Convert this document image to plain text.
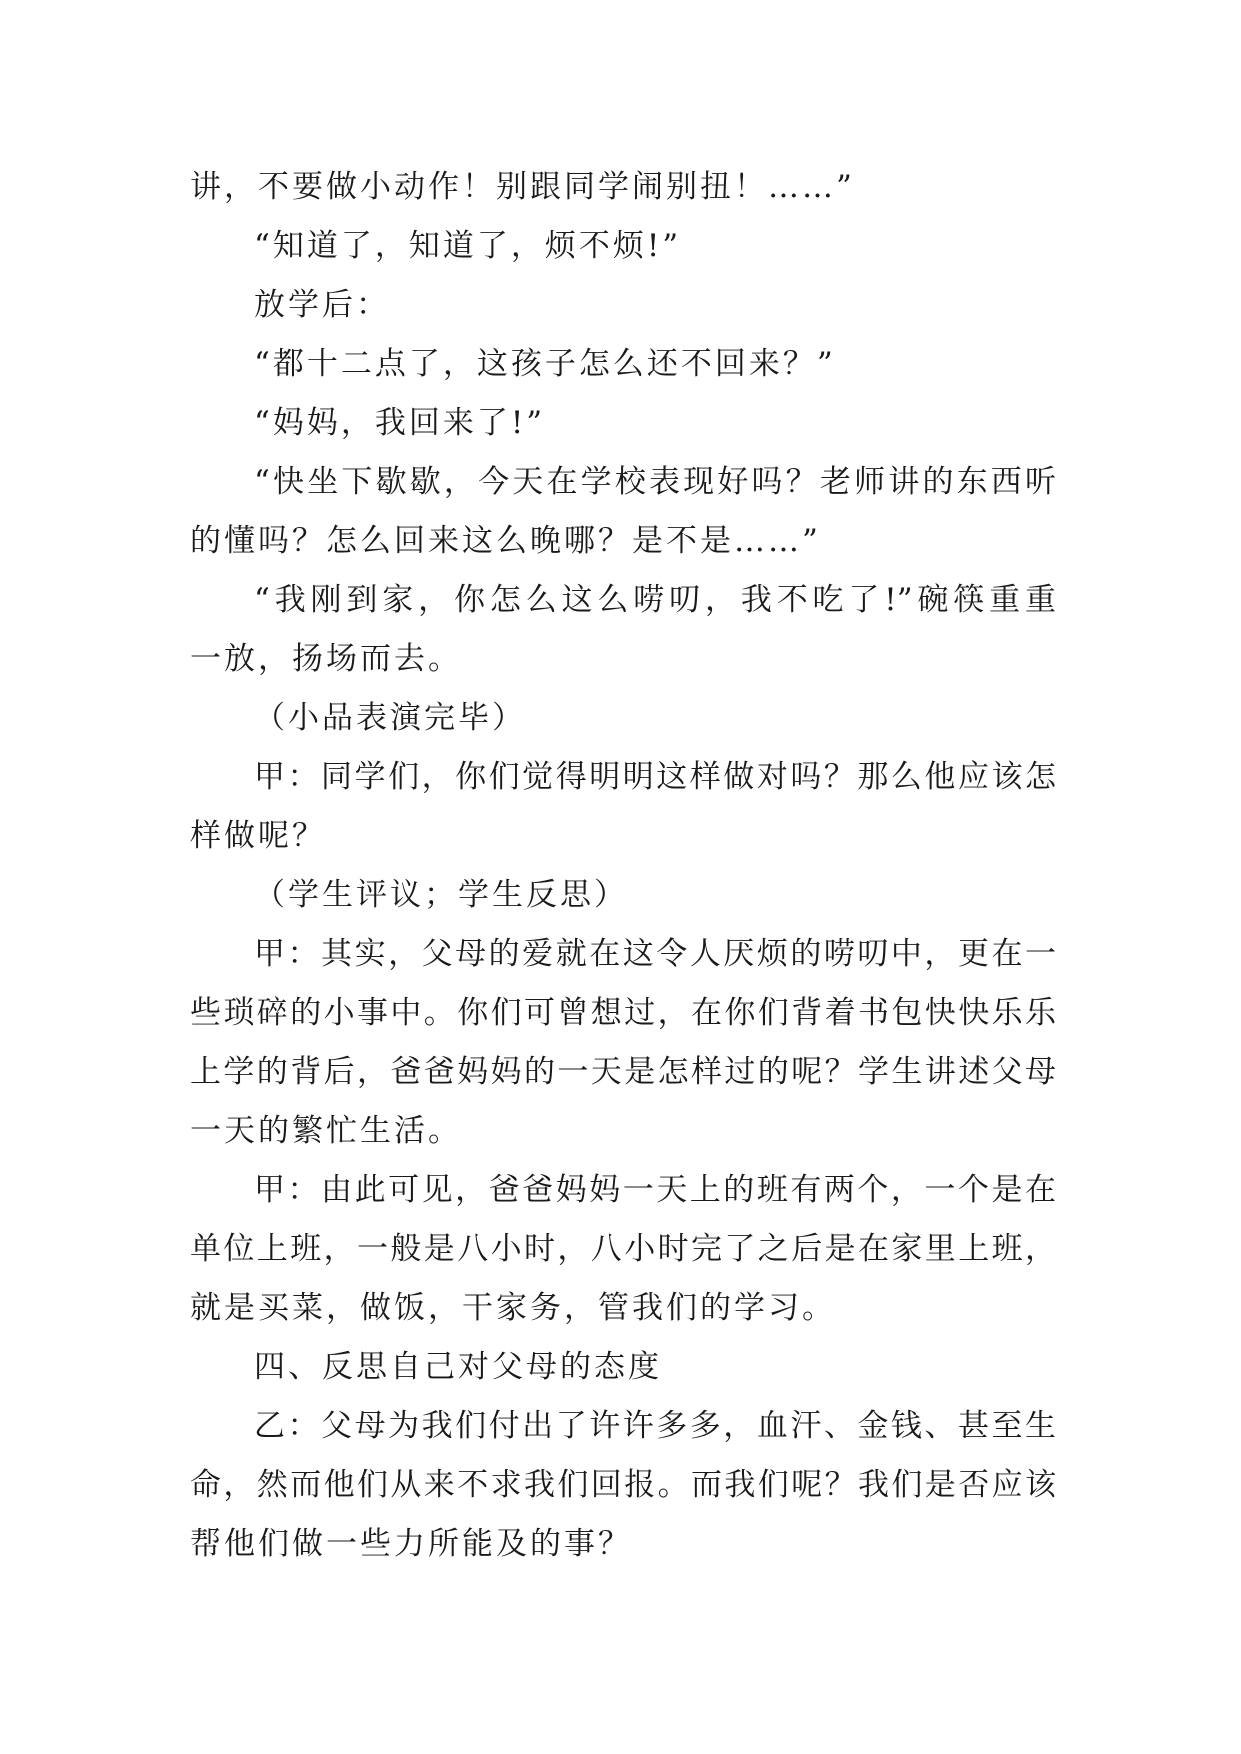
讲，不要做小动作！别跟同学闹别扭！……”
“知道了，知道了，烦不烦!”
放学后：
“都十二点了，这孩子怎么还不回来？”
“妈妈，我回来了!”
“快坐下歇歇，今天在学校表现好吗？老师讲的东西听
的懂吗？怎么回来这么晚哪？是不是……”
“我刚到家，你怎么这么唠叨，我不吃了!”碗筷重重
一放，扬场而去。
（小品表演完毕）
甲：同学们，你们觉得明明这样做对吗？那么他应该怎
样做呢？
（学生评议；学生反思）
甲：其实，父母的爱就在这令人厌烦的唠叨中，更在一
些琐碎的小事中。你们可曾想过，在你们背着书包快快乐乐
上学的背后，爸爸妈妈的一天是怎样过的呢？学生讲述父母
一天的繁忙生活。
甲：由此可见，爸爸妈妈一天上的班有两个，一个是在
单位上班，一般是八小时，八小时完了之后是在家里上班，
就是买菜，做饭，干家务，管我们的学习。
四、反思自己对父母的态度
乙：父母为我们付出了许许多多，血汗、金钱、甚至生
命，然而他们从来不求我们回报。而我们呢？我们是否应该
帮他们做一些力所能及的事？
